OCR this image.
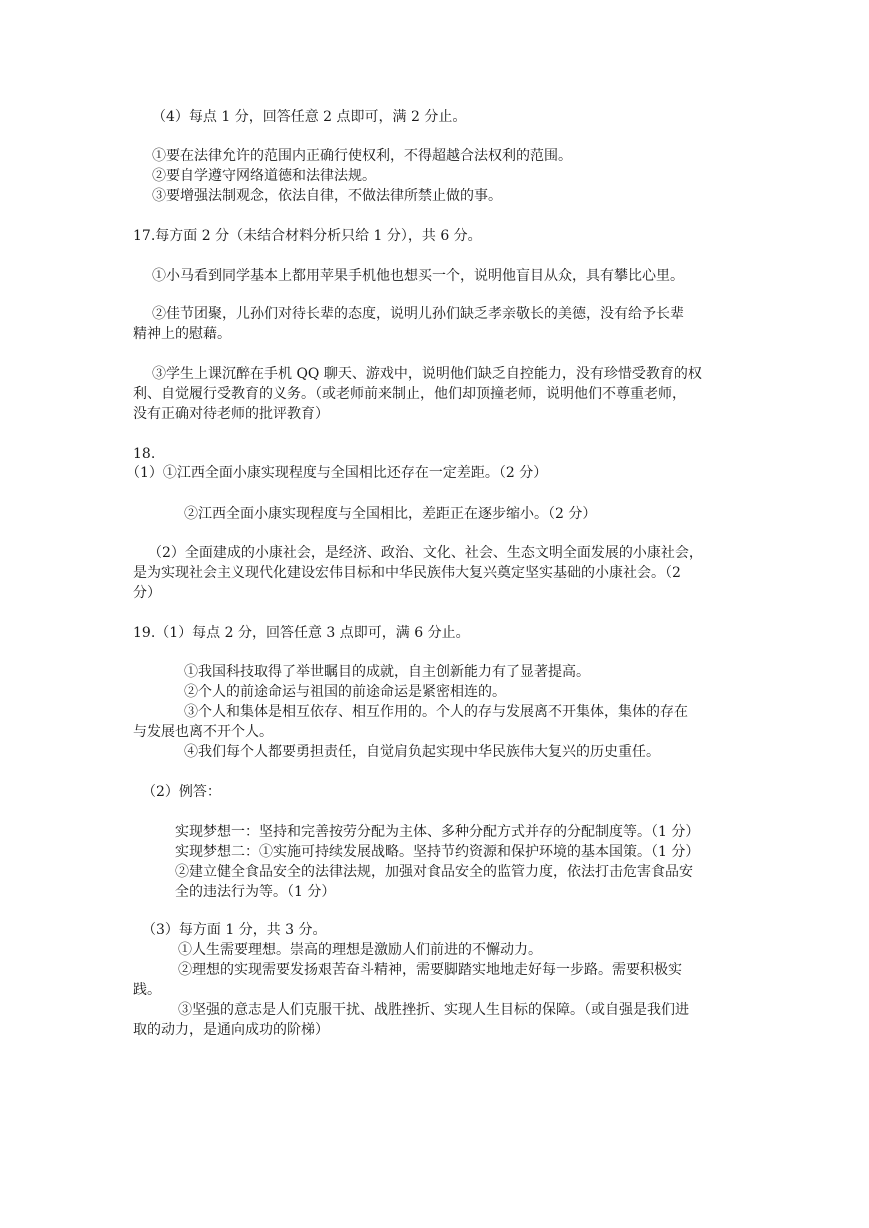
（4）每点 1 分，回答任意 2 点即可，满 2 分止。
①要在法律允许的范围内正确行使权利，不得超越合法权利的范围。
②要自学遵守网络道德和法律法规。
③要增强法制观念，依法自律，不做法律所禁止做的事。
17.每方面 2 分（未结合材料分析只给 1 分），共 6 分。
①小马看到同学基本上都用苹果手机他也想买一个，说明他盲目从众，具有攀比心里。
②佳节团聚，儿孙们对待长辈的态度，说明儿孙们缺乏孝亲敬长的美德，没有给予长辈
精神上的慰藉。
③学生上课沉醉在手机 QQ 聊天、游戏中，说明他们缺乏自控能力，没有珍惜受教育的权
利、自觉履行受教育的义务。（或老师前来制止，他们却顶撞老师，说明他们不尊重老师，
没有正确对待老师的批评教育）
18.
（1）①江西全面小康实现程度与全国相比还存在一定差距。（2 分）
②江西全面小康实现程度与全国相比，差距正在逐步缩小。（2 分）
（2）全面建成的小康社会，是经济、政治、文化、社会、生态文明全面发展的小康社会，
是为实现社会主义现代化建设宏伟目标和中华民族伟大复兴奠定坚实基础的小康社会。（2
分）
19.（1）每点 2 分，回答任意 3 点即可，满 6 分止。
①我国科技取得了举世瞩目的成就，自主创新能力有了显著提高。
②个人的前途命运与祖国的前途命运是紧密相连的。
③个人和集体是相互依存、相互作用的。个人的存与发展离不开集体，集体的存在
与发展也离不开个人。
④我们每个人都要勇担责任，自觉肩负起实现中华民族伟大复兴的历史重任。
（2）例答：
实现梦想一：坚持和完善按劳分配为主体、多种分配方式并存的分配制度等。（1 分）
实现梦想二：①实施可持续发展战略。坚持节约资源和保护环境的基本国策。（1 分）
②建立健全食品安全的法律法规，加强对食品安全的监管力度，依法打击危害食品安
全的违法行为等。（1 分）
（3）每方面 1 分，共 3 分。
①人生需要理想。崇高的理想是激励人们前进的不懈动力。
②理想的实现需要发扬艰苦奋斗精神，需要脚踏实地地走好每一步路。需要积极实
践。
③坚强的意志是人们克服干扰、战胜挫折、实现人生目标的保障。（或自强是我们进
取的动力，是通向成功的阶梯）
